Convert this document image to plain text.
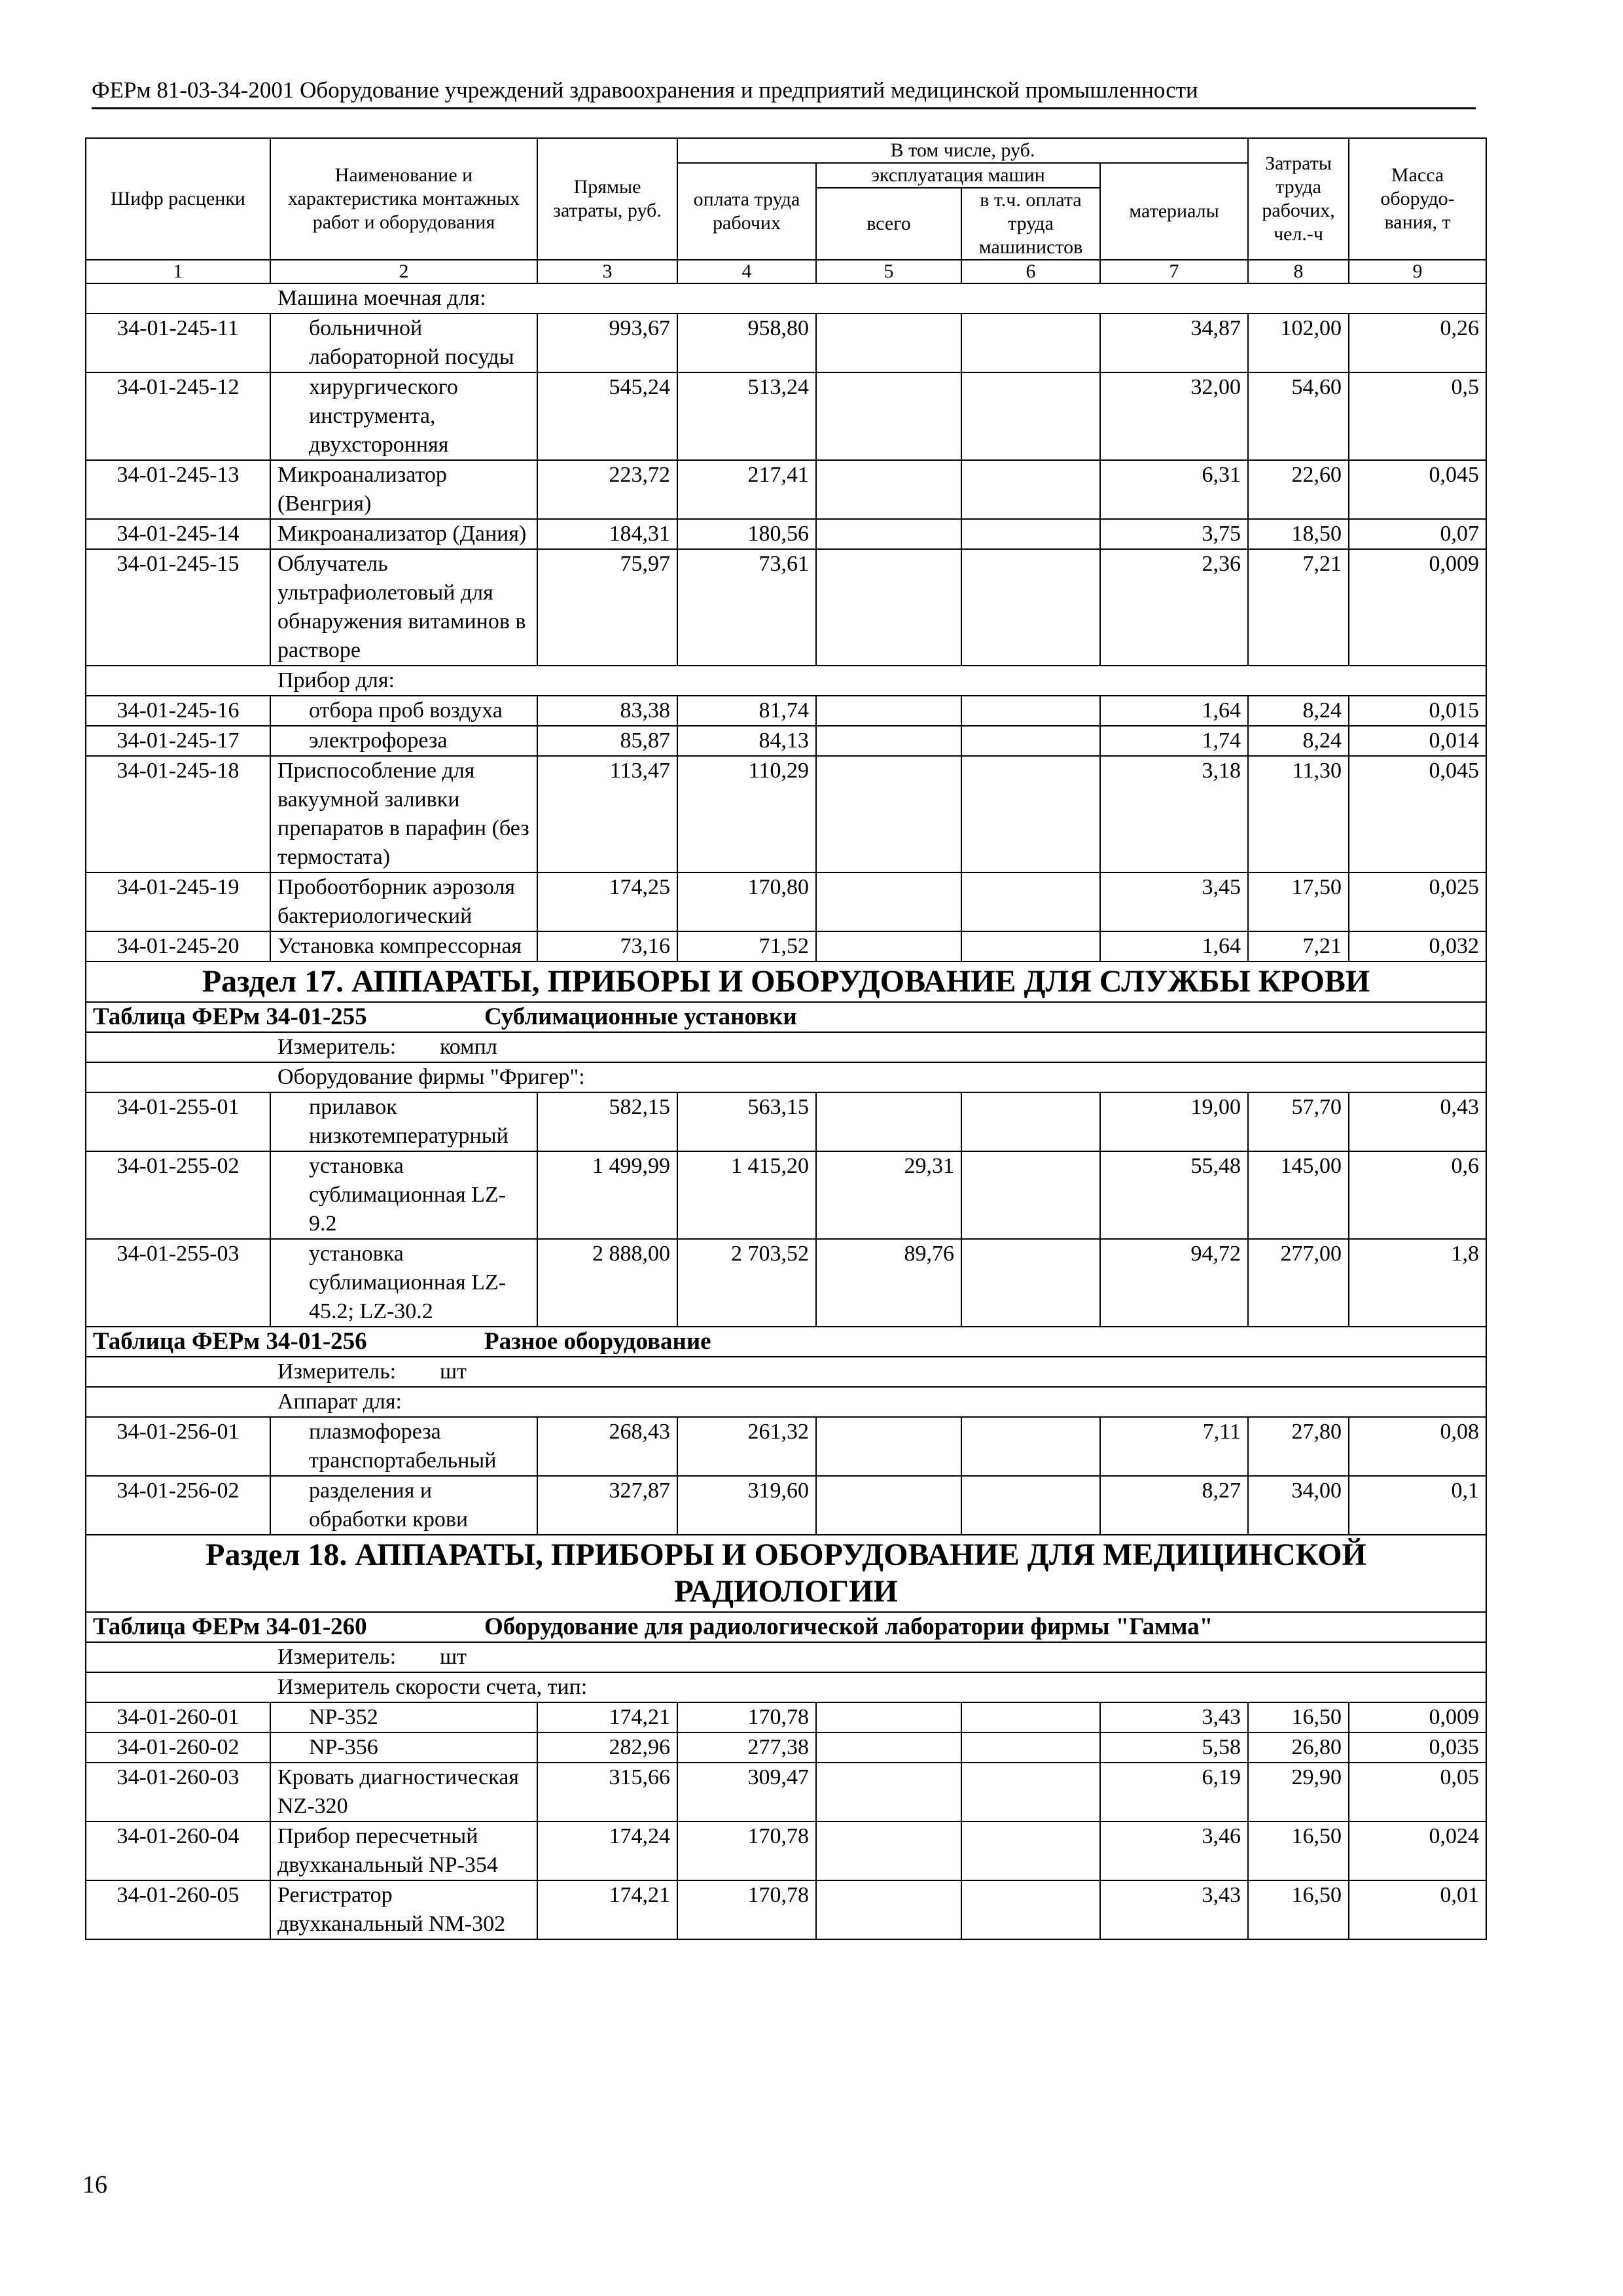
ФЕРм 81-03-34-2001 Оборудование учреждений здравоохранения и предприятий медицинской промышленности
Шифр расценки	Наименование и характеристика монтажных работ и оборудования	Прямые затраты, руб.	В том числе, руб.				Затраты труда рабочих, чел.-ч	Масса оборудо-вания, т
			оплата труда рабочих	эксплуатация машин		материалы		
				всего	в т.ч. оплата труда машинистов			
1	2	3	4	5	6	7	8	9
Машина моечная для:								
34-01-245-11	больничной лабораторной посуды	993,67	958,80			34,87	102,00	0,26
34-01-245-12	хирургического инструмента, двухсторонняя	545,24	513,24			32,00	54,60	0,5
34-01-245-13	Микроанализатор (Венгрия)	223,72	217,41			6,31	22,60	0,045
34-01-245-14	Микроанализатор (Дания)	184,31	180,56			3,75	18,50	0,07
34-01-245-15	Облучатель ультрафиолетовый для обнаружения витаминов в растворе	75,97	73,61			2,36	7,21	0,009
Прибор для:								
34-01-245-16	отбора проб воздуха	83,38	81,74			1,64	8,24	0,015
34-01-245-17	электрофореза	85,87	84,13			1,74	8,24	0,014
34-01-245-18	Приспособление для вакуумной заливки препаратов в парафин (без термостата)	113,47	110,29			3,18	11,30	0,045
34-01-245-19	Пробоотборник аэрозоля бактериологический	174,25	170,80			3,45	17,50	0,025
34-01-245-20	Установка компрессорная	73,16	71,52			1,64	7,21	0,032
Раздел 17. АППАРАТЫ, ПРИБОРЫ И ОБОРУДОВАНИЕ ДЛЯ СЛУЖБЫ КРОВИ								
Таблица ФЕРм 34-01-255 Сублимационные установки								
Измеритель: компл								
Оборудование фирмы "Фригер":								
34-01-255-01	прилавок низкотемпературный	582,15	563,15			19,00	57,70	0,43
34-01-255-02	установка сублимационная LZ-9.2	1 499,99	1 415,20	29,31		55,48	145,00	0,6
34-01-255-03	установка сублимационная LZ-45.2; LZ-30.2	2 888,00	2 703,52	89,76		94,72	277,00	1,8
Таблица ФЕРм 34-01-256 Разное оборудование								
Измеритель: шт								
Аппарат для:								
34-01-256-01	плазмофореза транспортабельный	268,43	261,32			7,11	27,80	0,08
34-01-256-02	разделения и обработки крови	327,87	319,60			8,27	34,00	0,1
Раздел 18. АППАРАТЫ, ПРИБОРЫ И ОБОРУДОВАНИЕ ДЛЯ МЕДИЦИНСКОЙ РАДИОЛОГИИ								
Таблица ФЕРм 34-01-260 Оборудование для радиологической лаборатории фирмы "Гамма"								
Измеритель: шт								
Измеритель скорости счета, тип:								
34-01-260-01	NP-352	174,21	170,78			3,43	16,50	0,009
34-01-260-02	NP-356	282,96	277,38			5,58	26,80	0,035
34-01-260-03	Кровать диагностическая NZ-320	315,66	309,47			6,19	29,90	0,05
34-01-260-04	Прибор пересчетный двухканальный NP-354	174,24	170,78			3,46	16,50	0,024
34-01-260-05	Регистратор двухканальный NM-302	174,21	170,78			3,43	16,50	0,01
16
